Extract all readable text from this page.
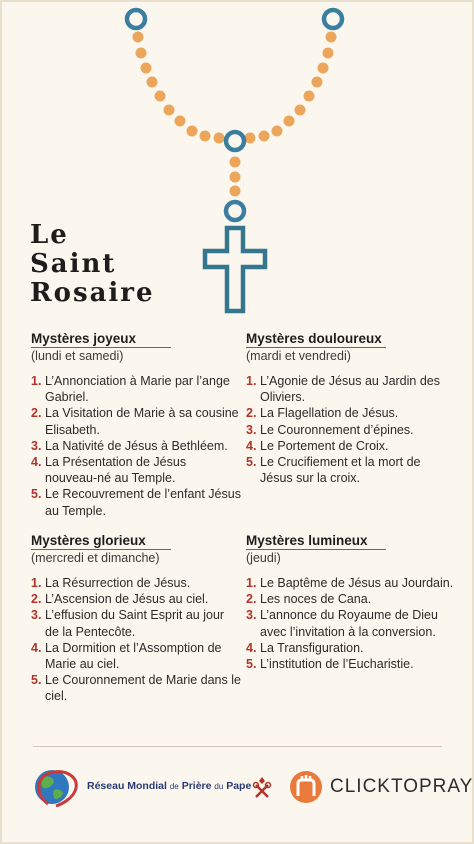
Le
Saint
Rosaire
Mystères joyeux
(lundi et samedi)
1. L’Annonciation à Marie par l’ange Gabriel.
2. La Visitation de Marie à sa cousine Elisabeth.
3. La Nativité de Jésus à Bethléem.
4. La Présentation de Jésus nouveau-né au Temple.
5. Le Recouvrement de l’enfant Jésus au Temple.
Mystères douloureux
(mardi et vendredi)
1. L’Agonie de Jésus au Jardin des Oliviers.
2. La Flagellation de Jésus.
3. Le Couronnement d’épines.
4. Le Portement de Croix.
5. Le Crucifiement et la mort de Jésus sur la croix.
Mystères glorieux
(mercredi et dimanche)
1. La Résurrection de Jésus.
2. L’Ascension de Jésus au ciel.
3. L’effusion du Saint Esprit au jour de la Pentecôte.
4. La Dormition et l’Assomption de Marie au ciel.
5. Le Couronnement de Marie dans le ciel.
Mystères lumineux
(jeudi)
1. Le Baptême de Jésus au Jourdain.
2. Les noces de Cana.
3. L’annonce du Royaume de Dieu avec l’invitation à la conversion.
4. La Transfiguration.
5. L’institution de l’Eucharistie.
Réseau Mondial de Prière du Pape	CLICKTOPRAY
